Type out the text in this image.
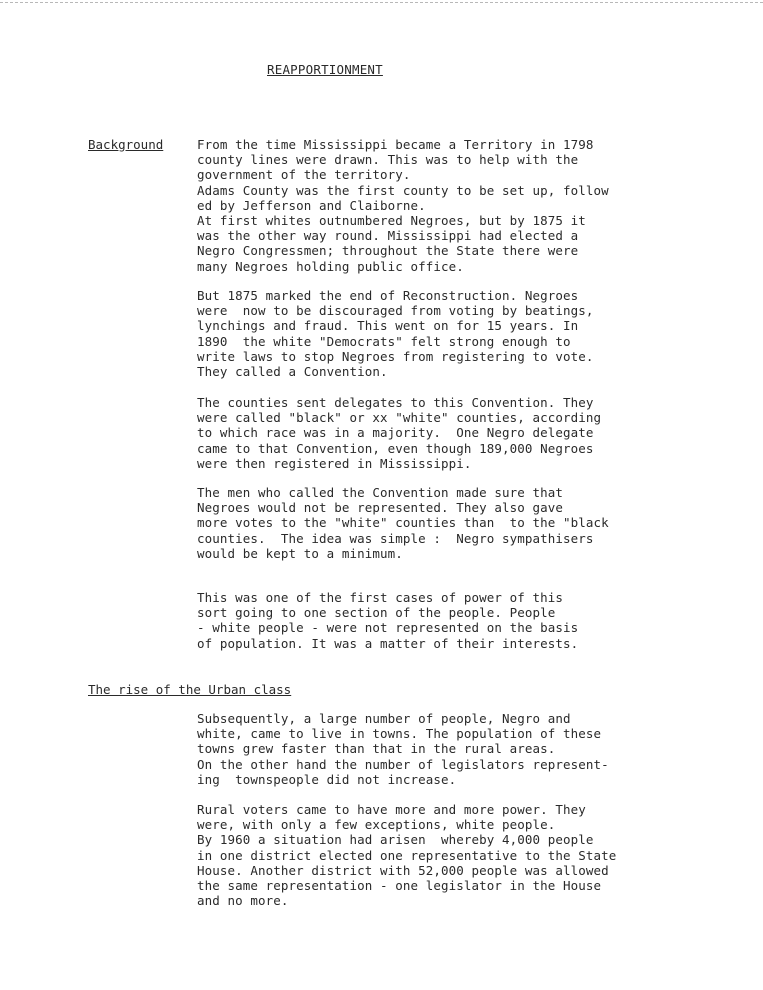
REAPPORTIONMENT
Background	From the time Mississippi became a Territory in 1798
county lines were drawn. This was to help with the
government of the territory.
Adams County was the first county to be set up, follow
ed by Jefferson and Claiborne.
At first whites outnumbered Negroes, but by 1875 it
was the other way round. Mississippi had elected a
Negro Congressmen; throughout the State there were
many Negroes holding public office.
But 1875 marked the end of Reconstruction. Negroes
were  now to be discouraged from voting by beatings,
lynchings and fraud. This went on for 15 years. In
1890  the white "Democrats" felt strong enough to
write laws to stop Negroes from registering to vote.
They called a Convention.
The counties sent delegates to this Convention. They
were called "black" or xx "white" counties, according
to which race was in a majority.  One Negro delegate
came to that Convention, even though 189,000 Negroes
were then registered in Mississippi.
The men who called the Convention made sure that
Negroes would not be represented. They also gave
more votes to the "white" counties than  to the "black
counties.  The idea was simple :  Negro sympathisers
would be kept to a minimum.
This was one of the first cases of power of this
sort going to one section of the people. People
- white people - were not represented on the basis
of population. It was a matter of their interests.
The rise of the Urban class
Subsequently, a large number of people, Negro and
white, came to live in towns. The population of these
towns grew faster than that in the rural areas.
On the other hand the number of legislators represent-
ing  townspeople did not increase.
Rural voters came to have more and more power. They
were, with only a few exceptions, white people.
By 1960 a situation had arisen  whereby 4,000 people
in one district elected one representative to the State
House. Another district with 52,000 people was allowed
the same representation - one legislator in the House
and no more.
